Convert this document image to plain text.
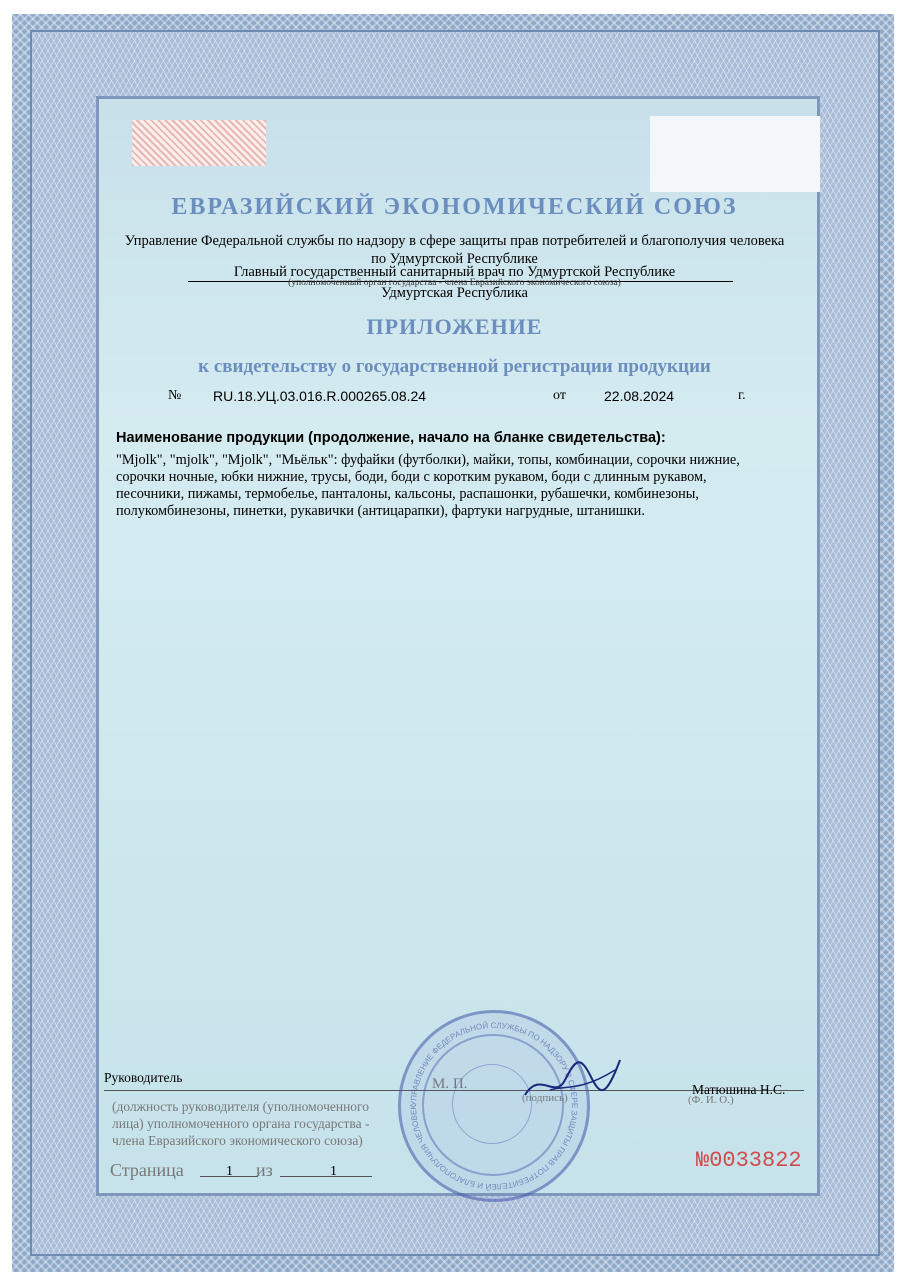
ЕВРАЗИЙСКИЙ ЭКОНОМИЧЕСКИЙ СОЮЗ
Управление Федеральной службы по надзору в сфере защиты прав потребителей и благополучия человека
по Удмуртской Республике
Главный государственный санитарный врач по Удмуртской Республике
(уполномоченный орган государства - члена Евразийского экономического союза)
Удмуртская Республика
ПРИЛОЖЕНИЕ
к свидетельству о государственной регистрации продукции
№ RU.18.УЦ.03.016.R.000265.08.24	от	22.08.2024	г.
Наименование продукции (продолжение, начало на бланке свидетельства):
"Mjolk", "mjolk", "Mjolk", "Мьёльк": фуфайки (футболки), майки, топы, комбинации, сорочки нижние,
сорочки ночные, юбки нижние, трусы, боди, боди с коротким рукавом, боди с длинным рукавом,
песочники, пижамы, термобелье, панталоны, кальсоны, распашонки, рубашечки, комбинезоны,
полукомбинезоны, пинетки, рукавички (антицарапки), фартуки нагрудные, штанишки.
Руководитель
(должность руководителя (уполномоченного
лица) уполномоченного органа государства -
члена Евразийского экономического союза)
М. П.
(подпись)
Матюшина Н.С.
(Ф. И. О.)
УПРАВЛЕНИЕ ФЕДЕРАЛЬНОЙ СЛУЖБЫ ПО НАДЗОРУ В СФЕРЕ ЗАЩИТЫ ПРАВ ПОТРЕБИТЕЛЕЙ И БЛАГОПОЛУЧИЯ ЧЕЛОВЕК
Страница	1 из	1	№0033822
